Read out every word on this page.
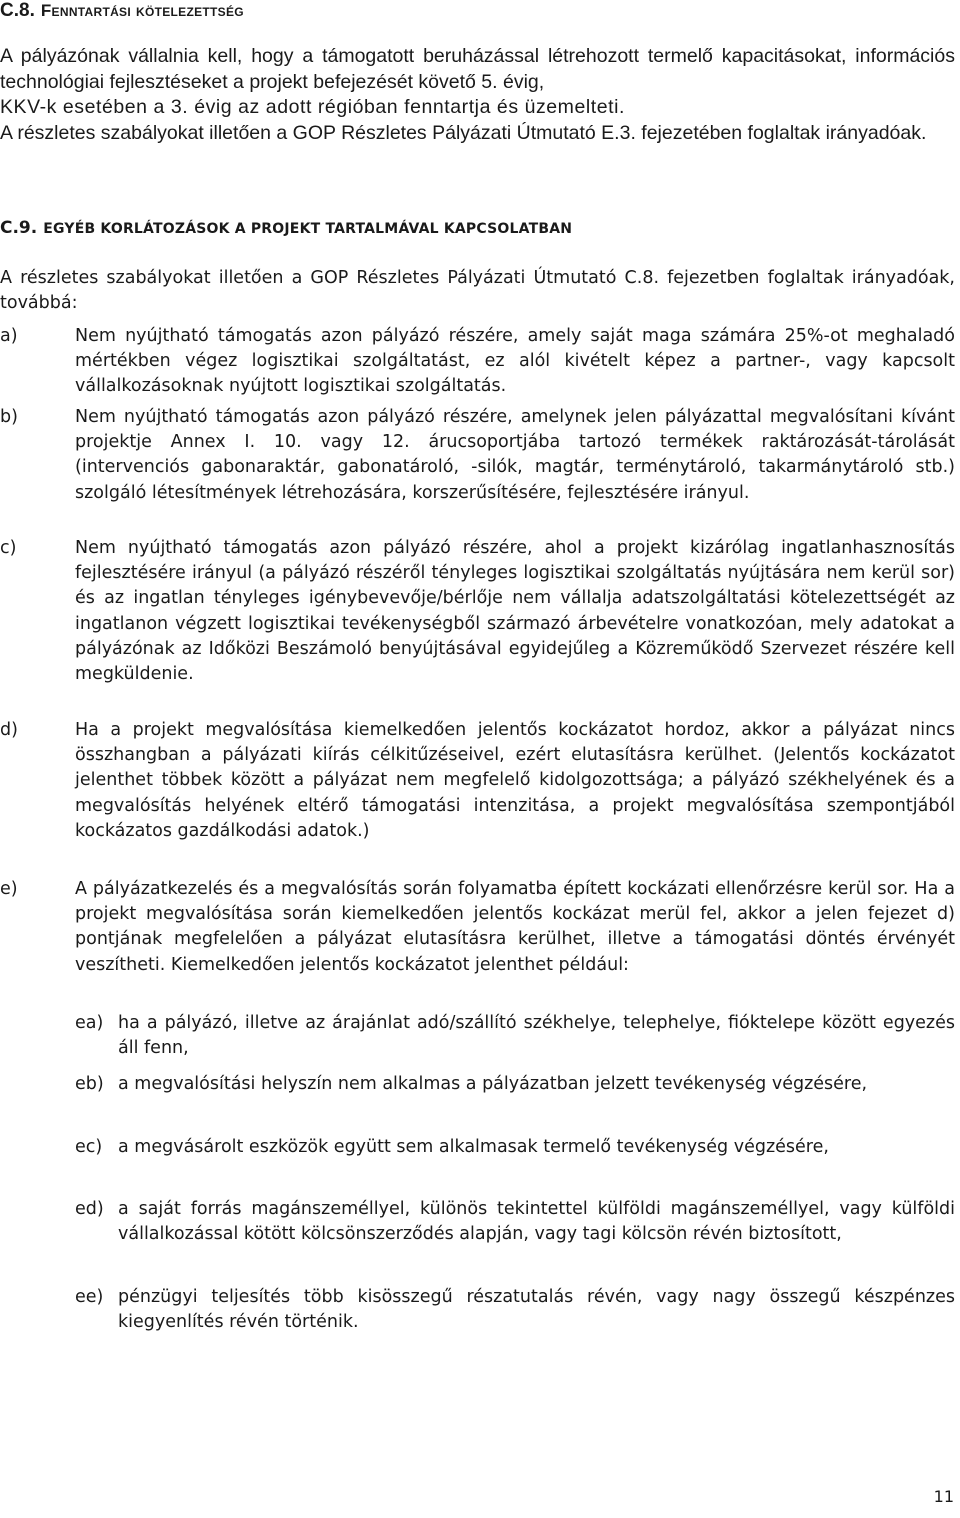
C.8. Fenntartási kötelezettség

A pályázónak vállalnia kell, hogy a támogatott beruházással létrehozott termelő kapacitásokat, információs technológiai fejlesztéseket a projekt befejezését követő 5. évig,
KKV-k esetében a 3. évig az adott régióban fenntartja és üzemelteti.
A részletes szabályokat illetően a GOP Részletes Pályázati Útmutató E.3. fejezetében foglaltak irányadóak.

C.9. EGYÉB KORLÁTOZÁSOK A PROJEKT TARTALMÁVAL KAPCSOLATBAN

A részletes szabályokat illetően a GOP Részletes Pályázati Útmutató C.8. fejezetben foglaltak irányadóak, továbbá:

a)	Nem nyújtható támogatás azon pályázó részére, amely saját maga számára 25%-ot meghaladó mértékben végez logisztikai szolgáltatást, ez alól kivételt képez a partner-, vagy kapcsolt vállalkozásoknak nyújtott logisztikai szolgáltatás.
b)	Nem nyújtható támogatás azon pályázó részére, amelynek jelen pályázattal megvalósítani kívánt projektje Annex I. 10. vagy 12. árucsoportjába tartozó termékek raktározását-tárolását (intervenciós gabonaraktár, gabonatároló, -silók, magtár, terménytároló, takarmánytároló stb.) szolgáló létesítmények létrehozására, korszerűsítésére, fejlesztésére irányul.
c)	Nem nyújtható támogatás azon pályázó részére, ahol a projekt kizárólag ingatlanhasznosítás fejlesztésére irányul (a pályázó részéről tényleges logisztikai szolgáltatás nyújtására nem kerül sor) és az ingatlan tényleges igénybevevője/bérlője nem vállalja adatszolgáltatási kötelezettségét az ingatlanon végzett logisztikai tevékenységből származó árbevételre vonatkozóan, mely adatokat a pályázónak az Időközi Beszámoló benyújtásával egyidejűleg a Közreműködő Szervezet részére kell megküldenie.
d)	Ha a projekt megvalósítása kiemelkedően jelentős kockázatot hordoz, akkor a pályázat nincs összhangban a pályázati kiírás célkitűzéseivel, ezért elutasításra kerülhet. (Jelentős kockázatot jelenthet többek között a pályázat nem megfelelő kidolgozottsága; a pályázó székhelyének és a megvalósítás helyének eltérő támogatási intenzitása, a projekt megvalósítása szempontjából kockázatos gazdálkodási adatok.)
e)	A pályázatkezelés és a megvalósítás során folyamatba épített kockázati ellenőrzésre kerül sor. Ha a projekt megvalósítása során kiemelkedően jelentős kockázat merül fel, akkor a jelen fejezet d) pontjának megfelelően a pályázat elutasításra kerülhet, illetve a támogatási döntés érvényét veszítheti. Kiemelkedően jelentős kockázatot jelenthet például:
ea) ha a pályázó, illetve az árajánlat adó/szállító székhelye, telephelye, fióktelepe között egyezés áll fenn,
eb) a megvalósítási helyszín nem alkalmas a pályázatban jelzett tevékenység végzésére,
ec) a megvásárolt eszközök együtt sem alkalmasak termelő tevékenység végzésére,
ed) a saját forrás magánszeméllyel, különös tekintettel külföldi magánszeméllyel, vagy külföldi vállalkozással kötött kölcsönszerződés alapján, vagy tagi kölcsön révén biztosított,
ee) pénzügyi teljesítés több kisösszegű részatutalás révén, vagy nagy összegű készpénzes kiegyenlítés révén történik.
11
